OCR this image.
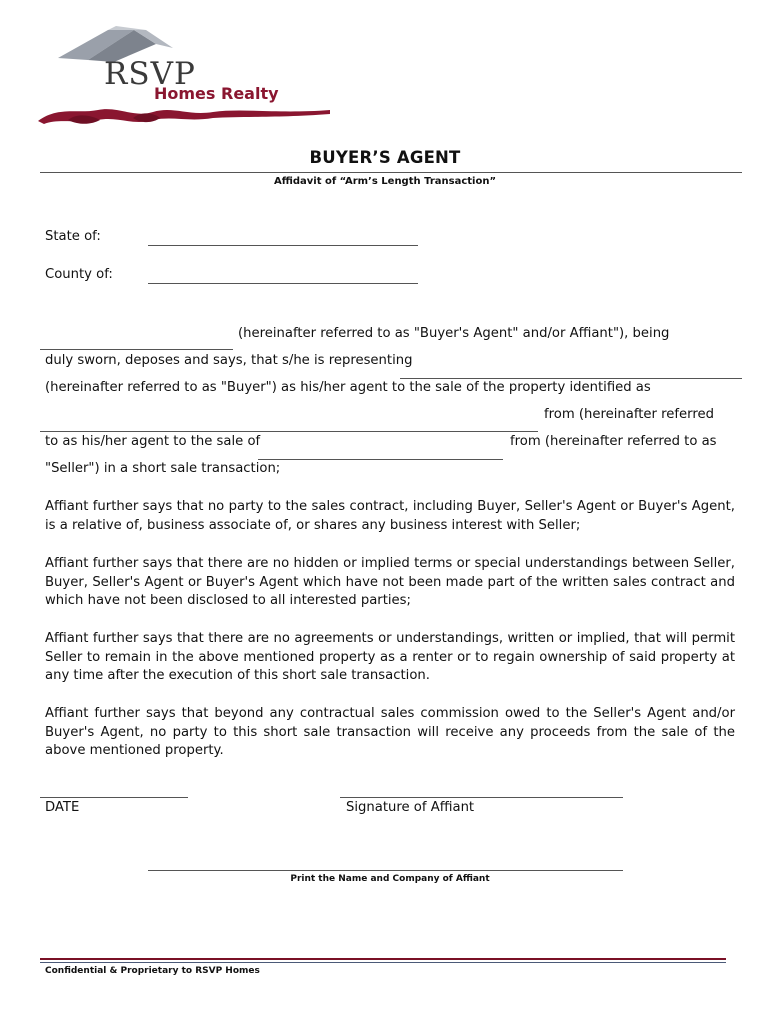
RSVP
Homes Realty
BUYER’S AGENT
Affidavit of “Arm’s Length Transaction”
State of:
County of:
(hereinafter referred to as "Buyer's Agent" and/or Affiant"), being
duly sworn, deposes and says, that s/he is representing
(hereinafter referred to as "Buyer") as his/her agent to the sale of the property identified as
from (hereinafter referred
to as his/her agent to the sale of	from (hereinafter referred to as
"Seller") in a short sale transaction;
Affiant further says that no party to the sales contract, including Buyer, Seller's Agent or Buyer's Agent, is a relative of, business associate of, or shares any business interest with Seller;
Affiant further says that there are no hidden or implied terms or special understandings between Seller, Buyer, Seller's Agent or Buyer's Agent which have not been made part of the written sales contract and which have not been disclosed to all interested parties;
Affiant further says that there are no agreements or understandings, written or implied, that will permit Seller to remain in the above mentioned property as a renter or to regain ownership of said property at any time after the execution of this short sale transaction.
Affiant further says that beyond any contractual sales commission owed to the Seller's Agent and/or Buyer's Agent, no party to this short sale transaction will receive any proceeds from the sale of the above mentioned property.
DATE	Signature of Affiant
Print the Name and Company of Affiant
Confidential & Proprietary to RSVP Homes
